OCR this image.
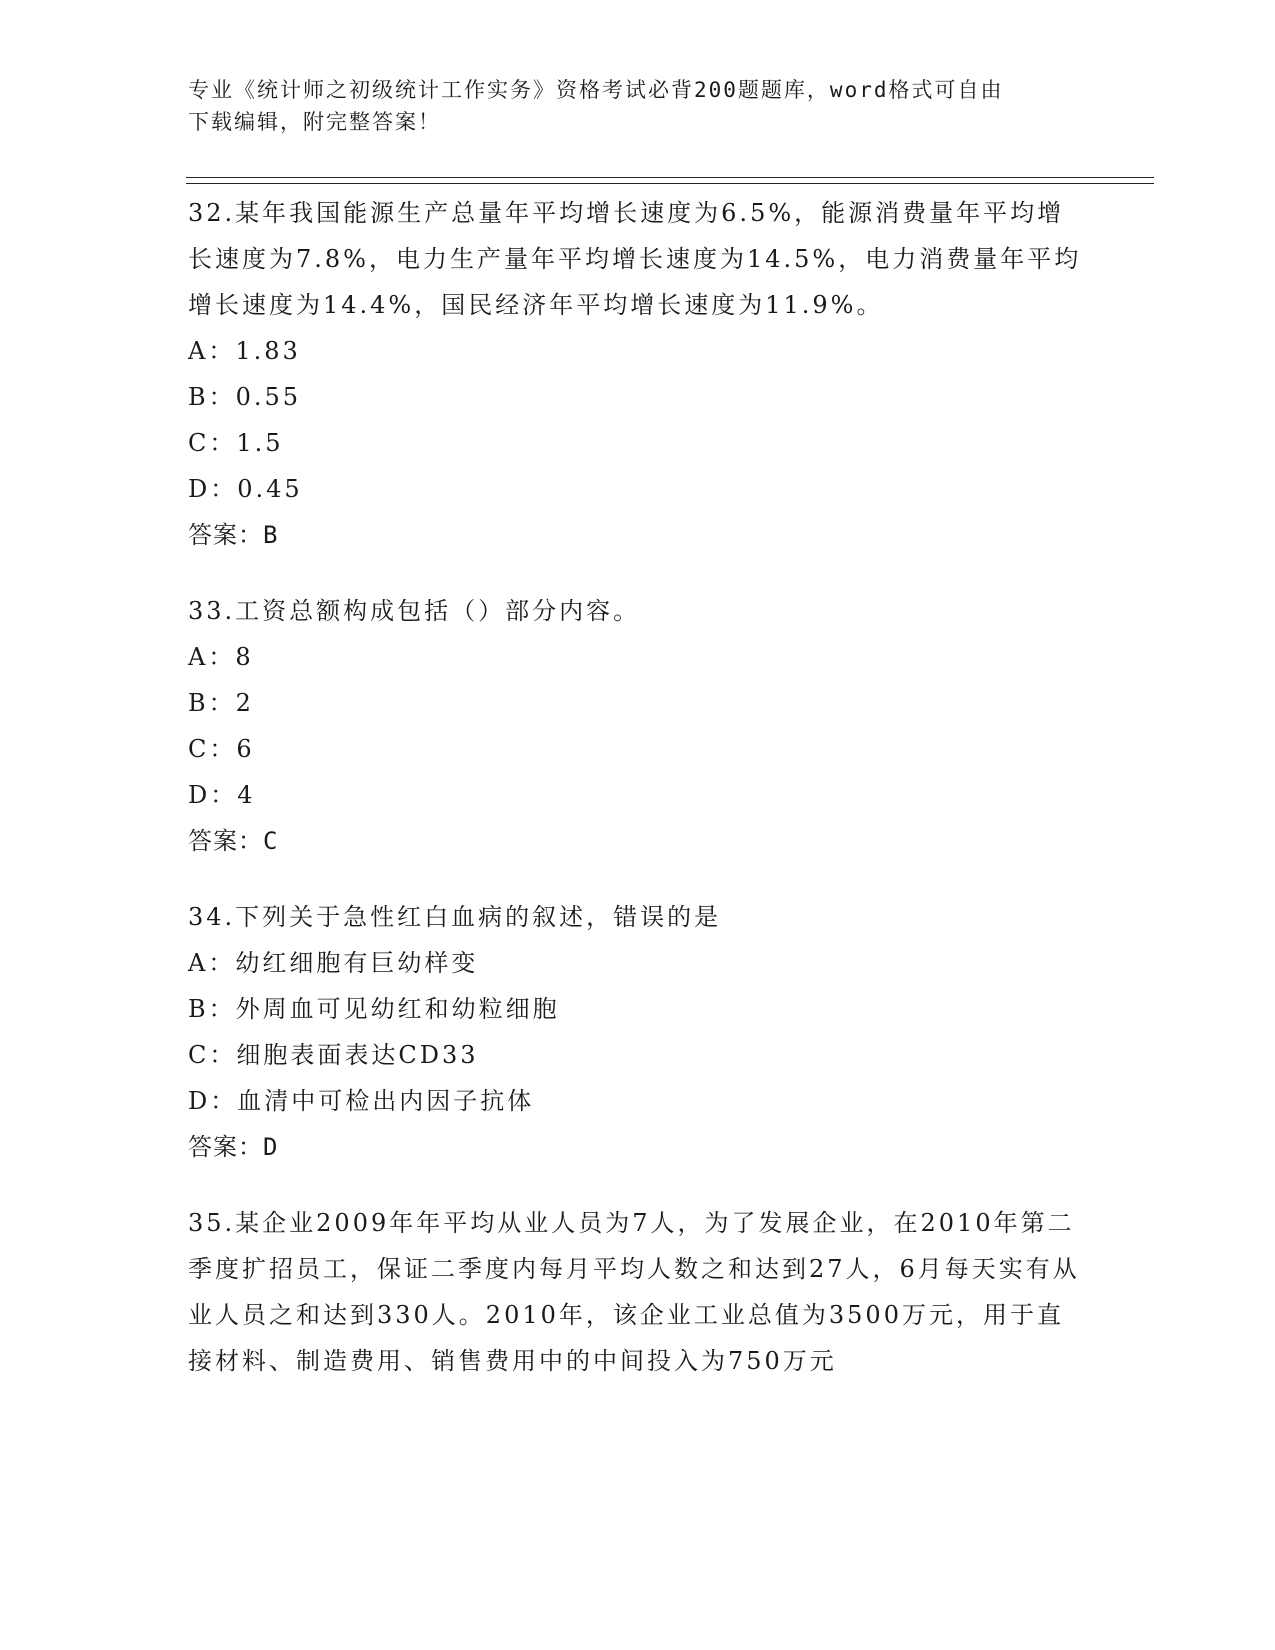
专业《统计师之初级统计工作实务》资格考试必背200题题库，word格式可自由
下载编辑，附完整答案！
32.某年我国能源生产总量年平均增长速度为6.5%，能源消费量年平均增长速度为7.8%，电力生产量年平均增长速度为14.5%，电力消费量年平均增长速度为14.4%，国民经济年平均增长速度为11.9%。
A：1.83
B：0.55
C：1.5
D：0.45
答案：B
33.工资总额构成包括（）部分内容。
A：8
B：2
C：6
D：4
答案：C
34.下列关于急性红白血病的叙述，错误的是
A：幼红细胞有巨幼样变
B：外周血可见幼红和幼粒细胞
C：细胞表面表达CD33
D：血清中可检出内因子抗体
答案：D
35.某企业2009年年平均从业人员为7人，为了发展企业，在2010年第二季度扩招员工，保证二季度内每月平均人数之和达到27人，6月每天实有从业人员之和达到330人。2010年，该企业工业总值为3500万元，用于直接材料、制造费用、销售费用中的中间投入为750万元
